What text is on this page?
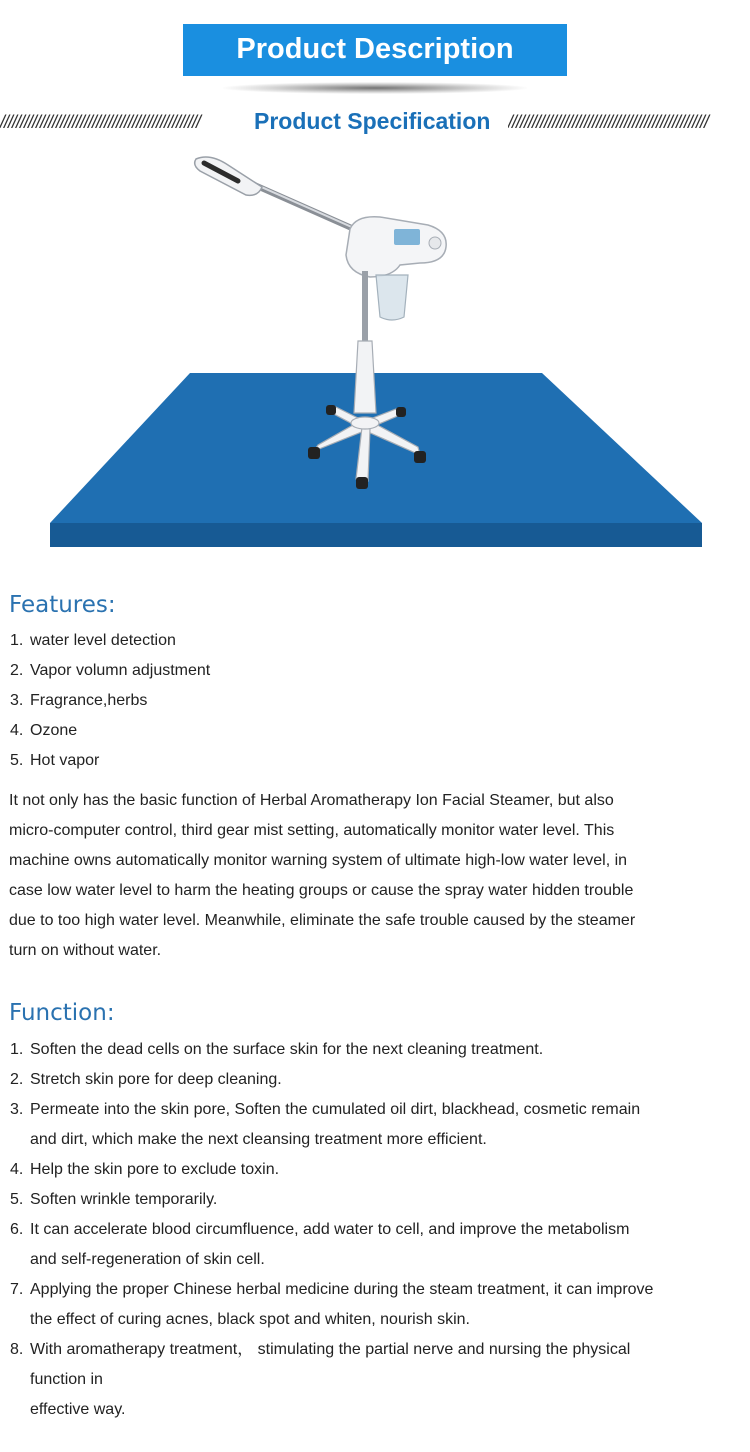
Product Description
//////////////////////////////////////////////////	Product Specification //////////////////////////////////////////////////
Features:
1. water level detection
2. Vapor volumn adjustment
3. Fragrance,herbs
4. Ozone
5. Hot vapor
It not only has the basic function of Herbal Aromatherapy Ion Facial Steamer, but also
micro-computer control, third gear mist setting, automatically monitor water level. This
machine owns automatically monitor warning system of ultimate high-low water level, in
case low water level to harm the heating groups or cause the spray water hidden trouble
due to too high water level. Meanwhile, eliminate the safe trouble caused by the steamer
turn on without water.
Function:
1. Soften the dead cells on the surface skin for the next cleaning treatment.
2. Stretch skin pore for deep cleaning.
3. Permeate into the skin pore, Soften the cumulated oil dirt, blackhead, cosmetic remain
and dirt, which make the next cleansing treatment more efficient.
4. Help the skin pore to exclude toxin.
5. Soften wrinkle temporarily.
6. It can accelerate blood circumfluence, add water to cell, and improve the metabolism
and self-regeneration of skin cell.
7. Applying the proper Chinese herbal medicine during the steam treatment, it can improve
the effect of curing acnes, black spot and whiten, nourish skin.
8. With aromatherapy treatment， stimulating the partial nerve and nursing the physical
function in
effective way.
